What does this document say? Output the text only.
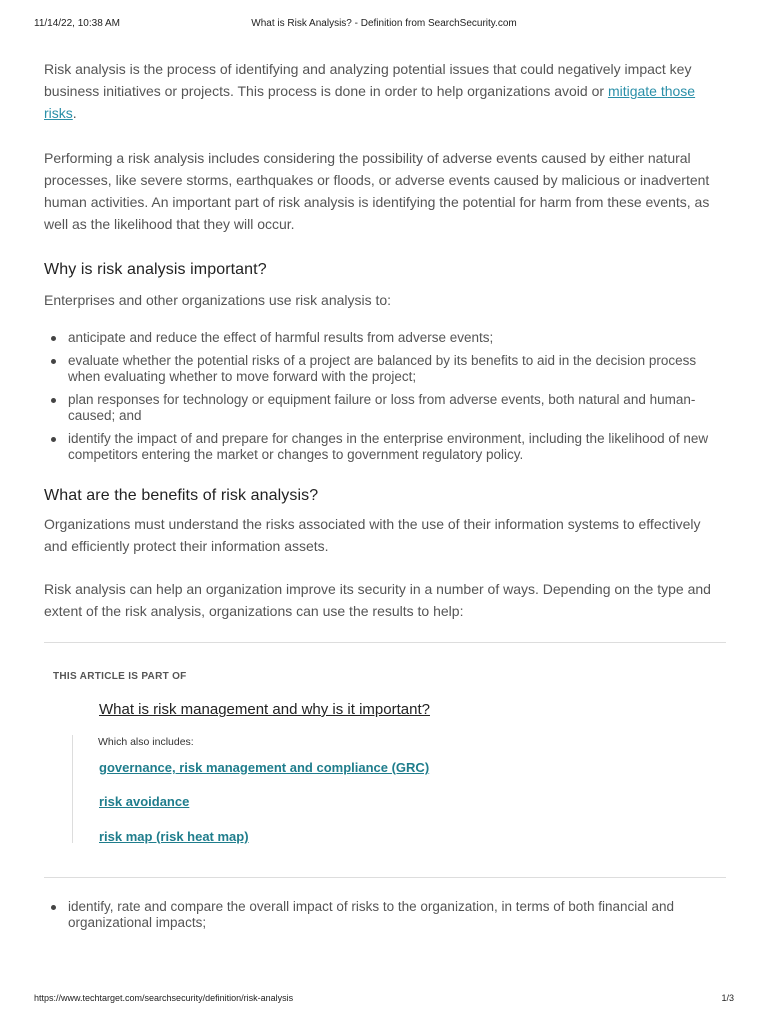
11/14/22, 10:38 AM	What is Risk Analysis? - Definition from SearchSecurity.com

Risk analysis is the process of identifying and analyzing potential issues that could negatively impact key business initiatives or projects. This process is done in order to help organizations avoid or mitigate those risks.

Performing a risk analysis includes considering the possibility of adverse events caused by either natural processes, like severe storms, earthquakes or floods, or adverse events caused by malicious or inadvertent human activities. An important part of risk analysis is identifying the potential for harm from these events, as well as the likelihood that they will occur.

Why is risk analysis important?

Enterprises and other organizations use risk analysis to:

anticipate and reduce the effect of harmful results from adverse events;
evaluate whether the potential risks of a project are balanced by its benefits to aid in the decision process when evaluating whether to move forward with the project;
plan responses for technology or equipment failure or loss from adverse events, both natural and human-caused; and
identify the impact of and prepare for changes in the enterprise environment, including the likelihood of new competitors entering the market or changes to government regulatory policy.
What are the benefits of risk analysis?

Organizations must understand the risks associated with the use of their information systems to effectively and efficiently protect their information assets.

Risk analysis can help an organization improve its security in a number of ways. Depending on the type and extent of the risk analysis, organizations can use the results to help:

THIS ARTICLE IS PART OF
What is risk management and why is it important?
Which also includes:
governance, risk management and compliance (GRC)
risk avoidance
risk map (risk heat map)
identify, rate and compare the overall impact of risks to the organization, in terms of both financial and organizational impacts;
https://www.techtarget.com/searchsecurity/definition/risk-analysis	1/3
